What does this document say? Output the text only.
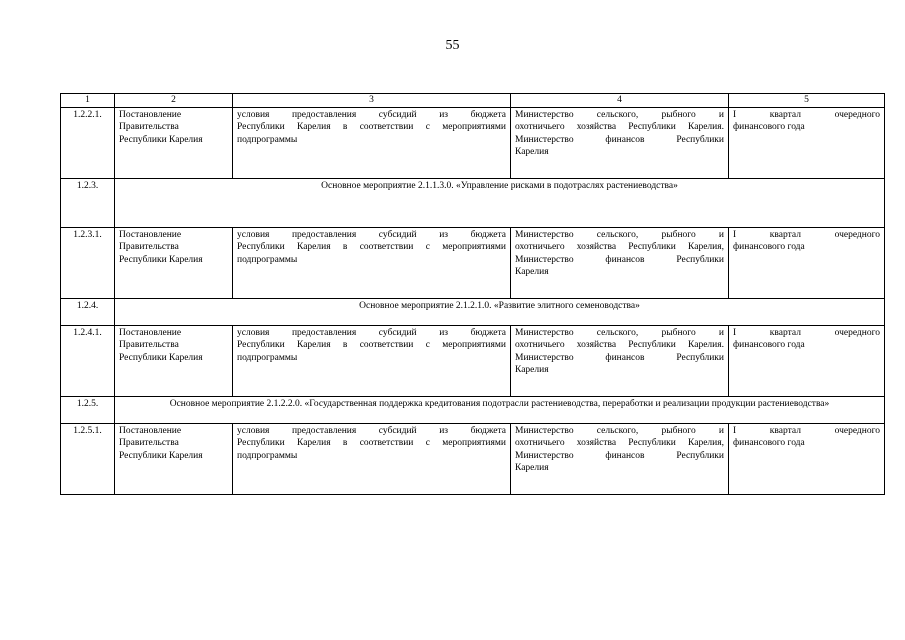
55
1	2	3	4	5
1.2.2.1.	Постановление
Правительства
Республики Карелия	условия предоставления субсидий из бюджета
Республики Карелия в соответствии с мероприятиями
подпрограммы	Министерство сельского, рыбного и
охотничьего хозяйства Республики Карелия.
Министерство финансов Республики
Карелия	I квартал очередного
финансового года

1.2.3.	Основное мероприятие 2.1.1.3.0. «Управление рисками в подотраслях растениеводства»			
1.2.3.1.	Постановление
Правительства
Республики Карелия	условия предоставления субсидий из бюджета
Республики Карелия в соответствии с мероприятиями
подпрограммы	Министерство сельского, рыбного и
охотничьего хозяйства Республики Карелия,
Министерство финансов Республики
Карелия	I квартал очередного
финансового года

1.2.4.	Основное мероприятие 2.1.2.1.0. «Развитие элитного семеноводства»			
1.2.4.1.	Постановление
Правительства
Республики Карелия	условия предоставления субсидий из бюджета
Республики Карелия в соответствии с мероприятиями
подпрограммы	Министерство сельского, рыбного и
охотничьего хозяйства Республики Карелия.
Министерство финансов Республики
Карелия	I квартал очередного
финансового года

1.2.5.	Основное мероприятие 2.1.2.2.0. «Государственная поддержка кредитования подотрасли растениеводства, переработки и реализации продукции растениеводства»			
1.2.5.1.	Постановление
Правительства
Республики Карелия	условия предоставления субсидий из бюджета
Республики Карелия в соответствии с мероприятиями
подпрограммы	Министерство сельского, рыбного и
охотничьего хозяйства Республики Карелия,
Министерство финансов Республики
Карелия	I квартал очередного
финансового года
